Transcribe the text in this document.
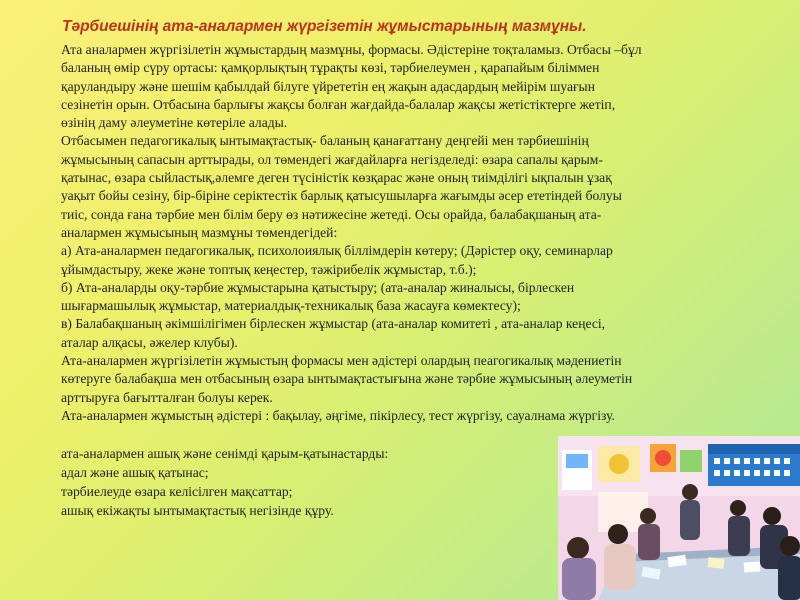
Тәрбиешінің ата-аналармен жүргізетін жұмыстарының мазмұны.
Ата аналармен жүргізілетін жұмыстардың мазмұны, формасы. Әдістеріне тоқталамыз. Отбасы –бұл
баланың өмір сүру ортасы: қамқорлықтың тұрақты көзі, тәрбиелеумен , қарапайым біліммен
қаруландыру және шешім қабылдай білуге үйрететін ең жақын адасдардың мейірім шуағын
сезінетін орын. Отбасына барлығы жақсы болған жағдайда-балалар жақсы жетістіктерге жетіп,
өзінің даму әлеуметіне көтеріле алады.
Отбасымен педагогикалық ынтымақтастық- баланың қанағаттану деңгейі мен тәрбиешінің
жұмысының сапасын арттырады, ол төмендегі жағдайларға негізделеді: өзара сапалы қарым-
қатынас, өзара сыйластық,әлемге деген түсіністік көзқарас және оның тиімділігі ықпалын ұзақ
уақыт бойы сезіну, бір-біріне серіктестік барлық қатысушыларға жағымды әсер ететіндей болуы
тиіс, сонда ғана тәрбие мен білім беру өз нәтижесіне жетеді. Осы орайда, балабақшаның ата-
аналармен жұмысының мазмұны төмендегідей:
а) Ата-аналармен педагогикалық, психолоиялық біллімдерін көтеру; (Дәрістер оқу, семинарлар
ұйымдастыру, жеке және топтық кеңестер, тәжірибелік жұмыстар, т.б.);
б) Ата-аналарды оқу-тәрбие жұмыстарына қатыстыру; (ата-аналар жиналысы, бірлескен
шығармашылық жұмыстар, материалдық-техникалық база жасауға көмектесу);
в) Балабақшаның әкімшілігімен бірлескен жұмыстар (ата-аналар комитеті , ата-аналар кеңесі,
аталар алқасы, әжелер клубы).
Ата-аналармен жүргізілетін жұмыстың формасы мен әдістері олардың пеагогикалық мәдениетін
көтеруге балабақша мен отбасының өзара ынтымақтастығына және тәрбие жұмысының әлеуметін
арттыруға бағытталған болуы керек.
Ата-аналармен жұмыстың әдістері : бақылау, әңгіме, пікірлесу, тест жүргізу, сауалнама жүргізу.
ата-аналармен ашық және сенімді қарым-қатынастарды:
адал және ашық қатынас;
тәрбиелеуде өзара келісілген мақсаттар;
ашық екіжақты ынтымақтастық негізінде құру.
